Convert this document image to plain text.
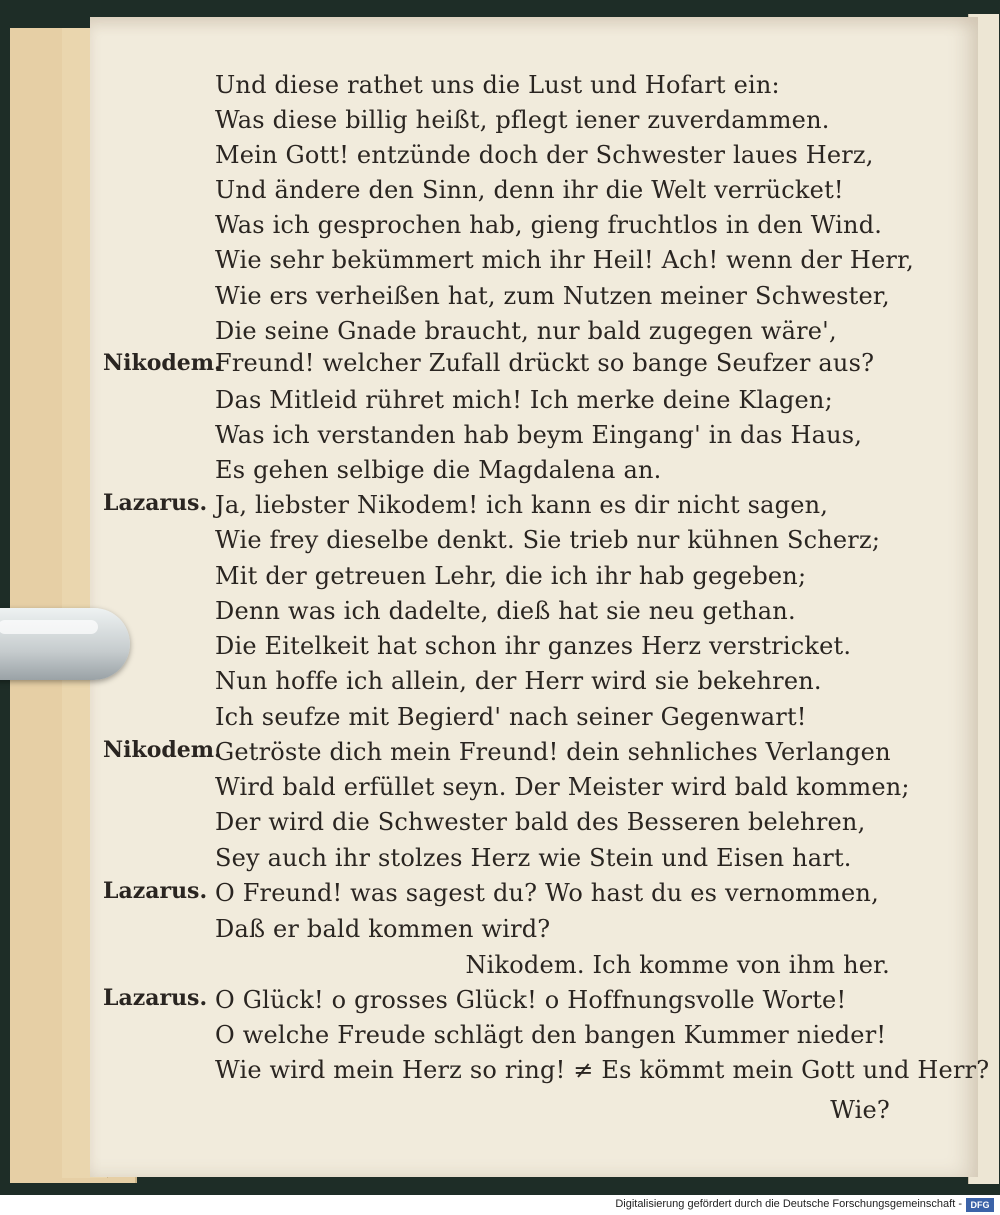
Und diese rathet uns die Lust und Hofart ein:
Was diese billig heißt, pflegt iener zuverdammen.
Mein Gott! entzünde doch der Schwester laues Herz,
Und ändere den Sinn, denn ihr die Welt verrücket!
Was ich gesprochen hab, gieng fruchtlos in den Wind.
Wie sehr bekümmert mich ihr Heil! Ach! wenn der Herr,
Wie ers verheißen hat, zum Nutzen meiner Schwester,
Die seine Gnade braucht, nur bald zugegen wäre',
Nikodem.
Freund! welcher Zufall drückt so bange Seufzer aus?
Das Mitleid rühret mich! Ich merke deine Klagen;
Was ich verstanden hab beym Eingang' in das Haus,
Es gehen selbige die Magdalena an.
Lazarus. Ja, liebster Nikodem! ich kann es dir nicht sagen,
Wie frey dieselbe denkt. Sie trieb nur kühnen Scherz;
Mit der getreuen Lehr, die ich ihr hab gegeben;
Denn was ich dadelte, dieß hat sie neu gethan.
Die Eitelkeit hat schon ihr ganzes Herz verstricket.
Nun hoffe ich allein, der Herr wird sie bekehren.
Ich seufze mit Begierd' nach seiner Gegenwart!
Nikodem.
Getröste dich mein Freund! dein sehnliches Verlangen
Wird bald erfüllet seyn. Der Meister wird bald kommen;
Der wird die Schwester bald des Besseren belehren,
Sey auch ihr stolzes Herz wie Stein und Eisen hart.
Lazarus. O Freund! was sagest du? Wo hast du es vernommen,
Daß er bald kommen wird?
Nikodem. Ich komme von ihm her.
Lazarus. O Glück! o grosses Glück! o Hoffnungsvolle Worte!
O welche Freude schlägt den bangen Kummer nieder!
Wie wird mein Herz so ring! ≠ Es kömmt mein Gott und Herr?
Wie?
Digitalisierung gefördert durch die Deutsche Forschungsgemeinschaft - DFG
